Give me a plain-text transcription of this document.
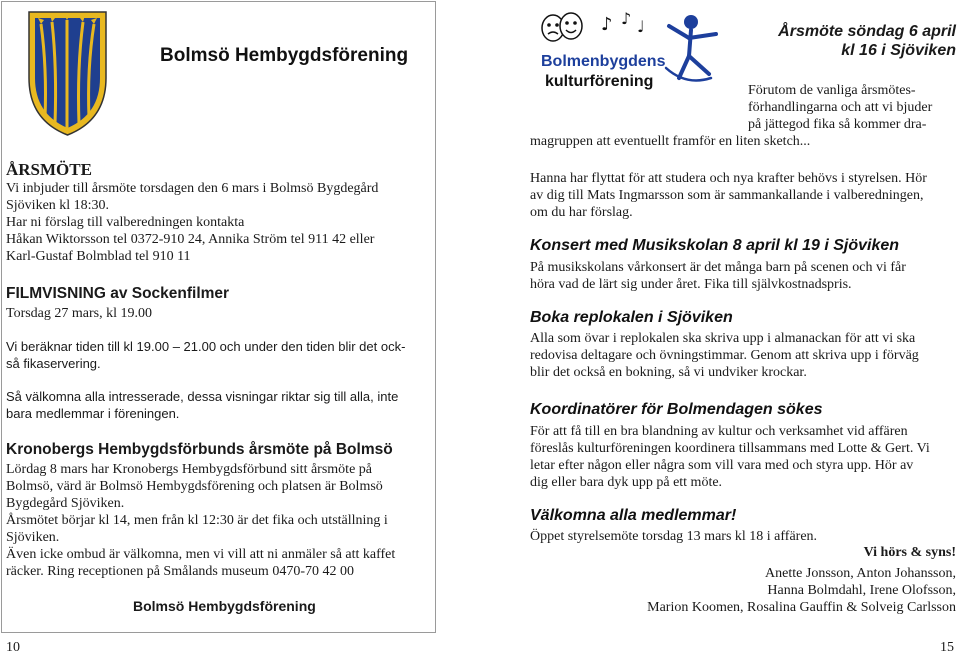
Bolmsö Hembygdsförening
ÅRSMÖTE
Vi inbjuder till årsmöte torsdagen den 6 mars i Bolmsö Bygdegård
Sjöviken kl 18:30.
Har ni förslag till valberedningen kontakta
Håkan Wiktorsson tel 0372-910 24, Annika Ström tel 911 42 eller
Karl-Gustaf Bolmblad tel 910 11
FILMVISNING av Sockenfilmer
Torsdag 27 mars, kl 19.00
Vi beräknar tiden till kl 19.00 – 21.00 och under den tiden blir det ock-
så fikaservering.
Så välkomna alla intresserade, dessa visningar riktar sig till alla, inte
bara medlemmar i föreningen.
Kronobergs Hembygdsförbunds årsmöte på Bolmsö
Lördag 8 mars har Kronobergs Hembygdsförbund sitt årsmöte på
Bolmsö, värd är Bolmsö Hembygdsförening och platsen är Bolmsö
Bygdegård Sjöviken.
Årsmötet börjar kl 14, men från kl 12:30 är det fika och utställning i
Sjöviken.
Även icke ombud är välkomna, men vi vill att ni anmäler så att kaffet
räcker. Ring receptionen på Smålands museum 0470-70 42 00
Bolmsö Hembygdsförening
10
♪ ♪ ♩
Bolmenbygdens
kulturförening
Årsmöte söndag 6 april
kl 16 i Sjöviken
Förutom de vanliga årsmötes-
förhandlingarna och att vi bjuder
på jättegod fika så kommer dra-
magruppen att eventuellt framför en liten sketch...
Hanna har flyttat för att studera och nya krafter behövs i styrelsen. Hör
av dig till Mats Ingmarsson som är sammankallande i valberedningen,
om du har förslag.
Konsert med Musikskolan 8 april kl 19 i Sjöviken
På musikskolans vårkonsert är det många barn på scenen och vi får
höra vad de lärt sig under året. Fika till självkostnadspris.
Boka replokalen i Sjöviken
Alla som övar i replokalen ska skriva upp i almanackan för att vi ska
redovisa deltagare och övningstimmar. Genom att skriva upp i förväg
blir det också en bokning, så vi undviker krockar.
Koordinatörer för Bolmendagen sökes
För att få till en bra blandning av kultur och verksamhet vid affären
föreslås kulturföreningen koordinera tillsammans med Lotte & Gert. Vi
letar efter någon eller några som vill vara med och styra upp. Hör av
dig eller bara dyk upp på ett möte.
Välkomna alla medlemmar!
Öppet styrelsemöte torsdag 13 mars kl 18 i affären.
Vi hörs & syns!
Anette Jonsson, Anton Johansson,
Hanna Bolmdahl, Irene Olofsson,
Marion Koomen, Rosalina Gauffin & Solveig Carlsson
15
